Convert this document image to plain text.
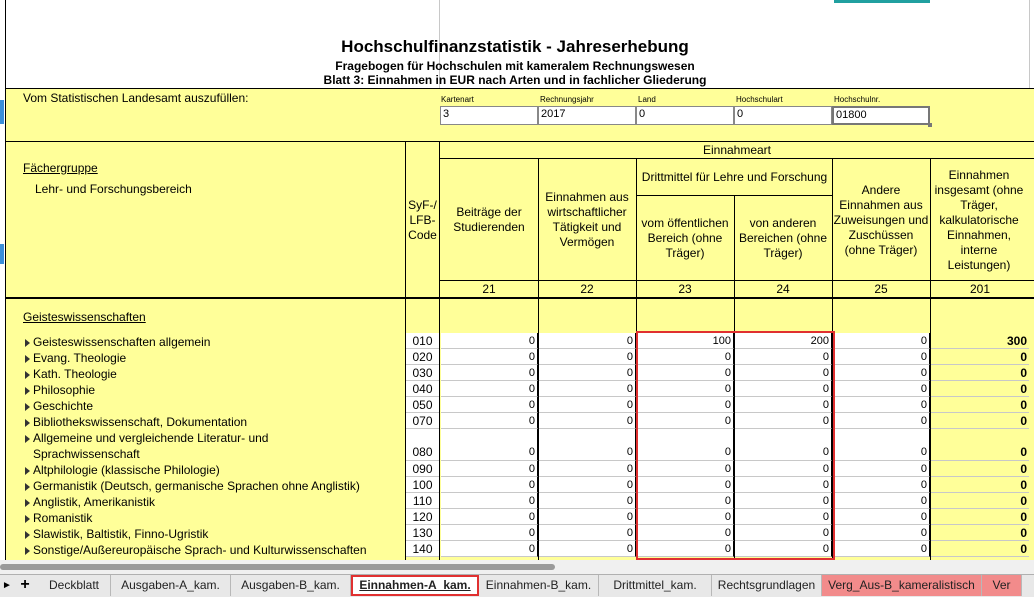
Hochschulfinanzstatistik - Jahreserhebung
Fragebogen für Hochschulen mit kameralem Rechnungswesen
Blatt 3: Einnahmen in EUR nach Arten und in fachlicher Gliederung
Vom Statistischen Landesamt auszufüllen:	Kartenart
3
Rechnungsjahr
2017
Land
0
Hochschulart
0
Hochschulnr.
01800
Fächergruppe
Lehr- und Forschungsbereich
SyF-/
LFB-
Code
Einnahmeart
Drittmittel für Lehre und Forschung
Beiträge der Studierenden
Einnahmen aus wirtschaftlicher Tätigkeit und Vermögen
vom öffentlichen Bereich (ohne Träger)
von anderen Bereichen (ohne Träger)
Andere Einnahmen aus Zuweisungen und Zuschüssen (ohne Träger)
Einnahmen insgesamt (ohne Träger, kalkulatorische Einnahmen, interne Leistungen)
21	22	23	24	25	201
Geisteswissenschaften
Geisteswissenschaften allgemein	010	0	0	100	200	0	300
Evang. Theologie	020	0	0	0	0	0	0
Kath. Theologie	030	0	0	0	0	0	0
Philosophie	040	0	0	0	0	0	0
Geschichte	050	0	0	0	0	0	0
Bibliothekswissenschaft, Dokumentation	070	0	0	0	0	0	0
Allgemeine und vergleichende Literatur- und
Sprachwissenschaft	080	0	0	0	0	0	0
Altphilologie (klassische Philologie)	090	0	0	0	0	0	0
Germanistik (Deutsch, germanische Sprachen ohne Anglistik)	100	0	0	0	0	0	0
Anglistik, Amerikanistik	110	0	0	0	0	0	0
Romanistik	120	0	0	0	0	0	0
Slawistik, Baltistik, Finno-Ugristik	130	0	0	0	0	0	0
Sonstige/Außereuropäische Sprach- und Kulturwissenschaften	140	0	0	0	0	0	0
► +	Deckblatt	Ausgaben-A_kam.	Ausgaben-B_kam.	Einnahmen-A_kam.	Einnahmen-B_kam.	Drittmittel_kam.	Rechtsgrundlagen	Verg_Aus-B_kameralistisch	Ver
